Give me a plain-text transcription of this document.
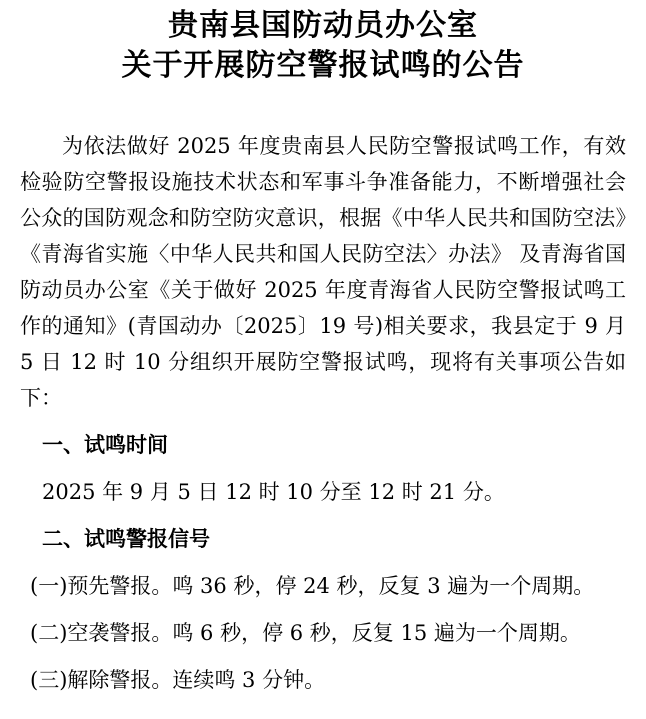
贵南县国防动员办公室
关于开展防空警报试鸣的公告

为依法做好 2025 年度贵南县人民防空警报试鸣工作，有效检验防空警报设施技术状态和军事斗争准备能力，不断增强社会公众的国防观念和防空防灾意识，根据《中华人民共和国防空法》《青海省实施〈中华人民共和国人民防空法〉办法》 及青海省国防动员办公室《关于做好 2025 年度青海省人民防空警报试鸣工作的通知》(青国动办〔2025〕19 号)相关要求，我县定于 9 月 5 日 12 时 10 分组织开展防空警报试鸣，现将有关事项公告如下：

一、试鸣时间
2025 年 9 月 5 日 12 时 10 分至 12 时 21 分。
二、试鸣警报信号
(一)预先警报。鸣 36 秒，停 24 秒，反复 3 遍为一个周期。
(二)空袭警报。鸣 6 秒，停 6 秒，反复 15 遍为一个周期。
(三)解除警报。连续鸣 3 分钟。
